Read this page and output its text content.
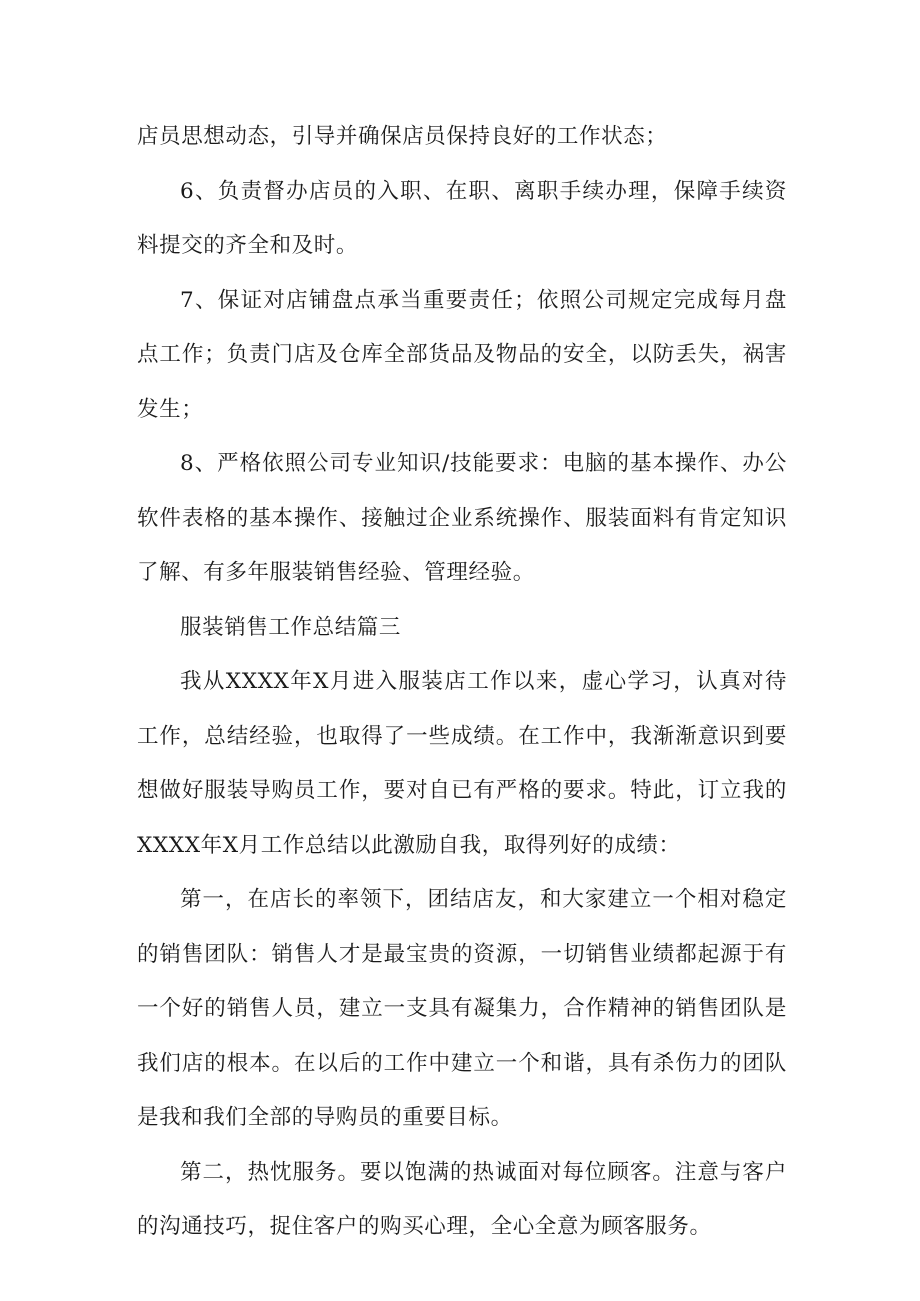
店员思想动态，引导并确保店员保持良好的工作状态；

6、负责督办店员的入职、在职、离职手续办理，保障手续资料提交的齐全和及时。

7、保证对店铺盘点承当重要责任；依照公司规定完成每月盘点工作；负责门店及仓库全部货品及物品的安全，以防丢失，祸害发生；

8、严格依照公司专业知识/技能要求：电脑的基本操作、办公软件表格的基本操作、接触过企业系统操作、服装面料有肯定知识了解、有多年服装销售经验、管理经验。

服装销售工作总结篇三

我从XXXX年X月进入服装店工作以来，虚心学习，认真对待工作，总结经验，也取得了一些成绩。在工作中，我渐渐意识到要想做好服装导购员工作，要对自已有严格的要求。特此，订立我的XXXX年X月工作总结以此激励自我，取得列好的成绩：

第一，在店长的率领下，团结店友，和大家建立一个相对稳定的销售团队：销售人才是最宝贵的资源，一切销售业绩都起源于有一个好的销售人员，建立一支具有凝集力，合作精神的销售团队是我们店的根本。在以后的工作中建立一个和谐，具有杀伤力的团队是我和我们全部的导购员的重要目标。

第二，热忱服务。要以饱满的热诚面对每位顾客。注意与客户的沟通技巧，捉住客户的购买心理，全心全意为顾客服务。
